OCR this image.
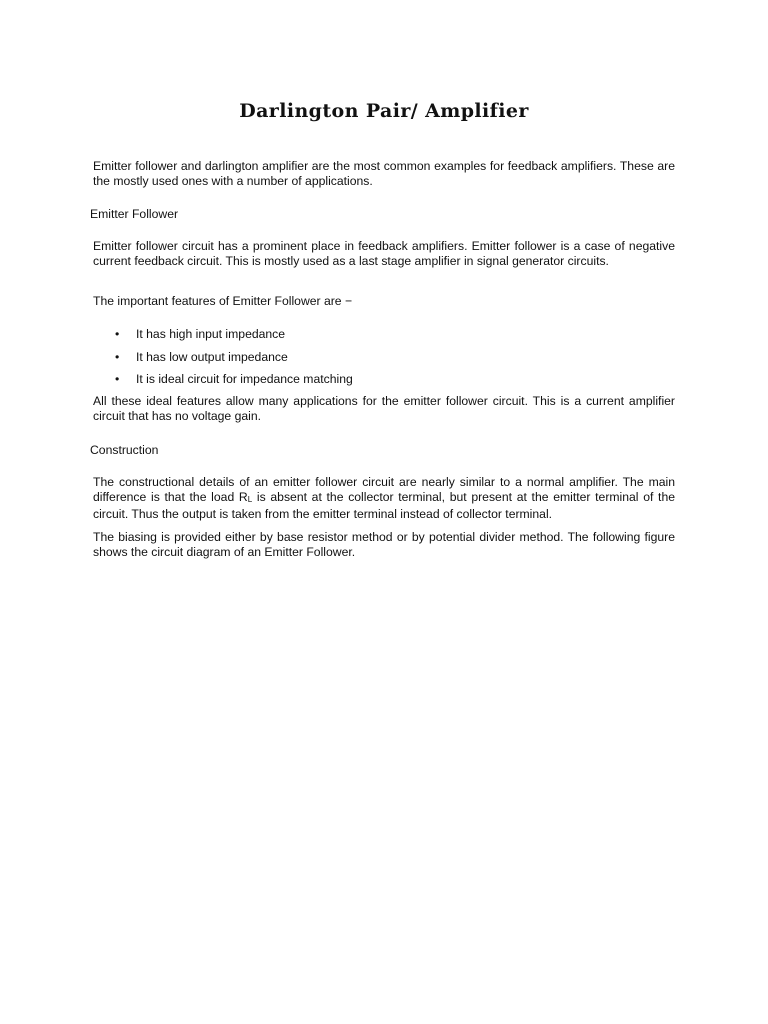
Darlington Pair/ Amplifier

Emitter follower and darlington amplifier are the most common examples for feedback amplifiers. These are the mostly used ones with a number of applications.

Emitter Follower

Emitter follower circuit has a prominent place in feedback amplifiers. Emitter follower is a case of negative current feedback circuit. This is mostly used as a last stage amplifier in signal generator circuits.

The important features of Emitter Follower are −

• It has high input impedance
• It has low output impedance
• It is ideal circuit for impedance matching

All these ideal features allow many applications for the emitter follower circuit. This is a current amplifier circuit that has no voltage gain.

Construction

The constructional details of an emitter follower circuit are nearly similar to a normal amplifier. The main difference is that the load RL is absent at the collector terminal, but present at the emitter terminal of the circuit. Thus the output is taken from the emitter terminal instead of collector terminal.

The biasing is provided either by base resistor method or by potential divider method. The following figure shows the circuit diagram of an Emitter Follower.
